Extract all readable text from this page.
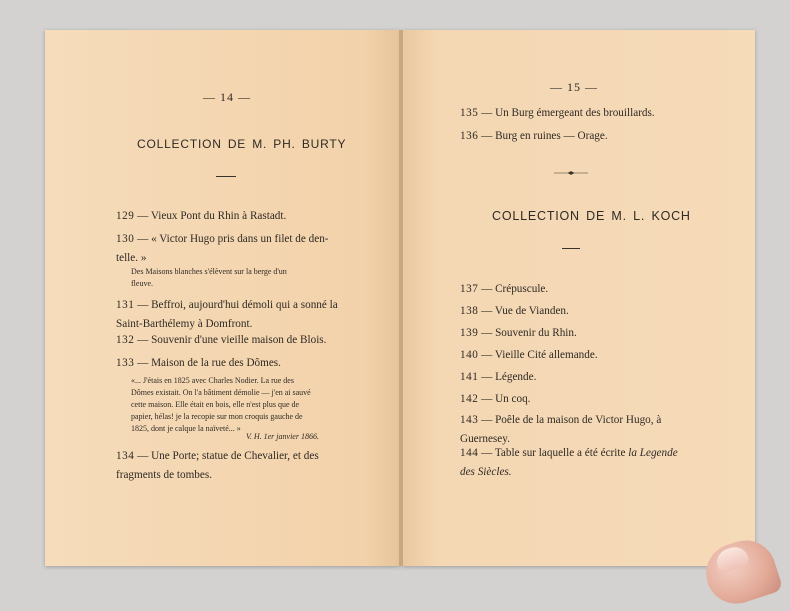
— 14 —
COLLECTION DE M. PH. BURTY
129 — Vieux Pont du Rhin à Rastadt.
130 — « Victor Hugo pris dans un filet de den-
telle. »
Des Maisons blanches s'élèvent sur la berge d'un
fleuve.
131 — Beffroi, aujourd'hui démoli qui a sonné la
Saint-Barthélemy à Domfront.
132 — Souvenir d'une vieille maison de Blois.
133 — Maison de la rue des Dômes.
«... J'étais en 1825 avec Charles Nodier. La rue des
Dômes existait. On l'a bâtiment démolie — j'en ai sauvé
cette maison. Elle était en bois, elle n'est plus que de
papier, hélas! je la recopie sur mon croquis gauche de
1825, dont je calque la naïveté... »
V. H. 1er janvier 1866.
134 — Une Porte; statue de Chevalier, et des
fragments de tombes.
— 15 —
135 — Un Burg émergeant des brouillards.
136 — Burg en ruines — Orage.
COLLECTION DE M. L. KOCH
137 — Crépuscule.
138 — Vue de Vianden.
139 — Souvenir du Rhin.
140 — Vieille Cité allemande.
141 — Légende.
142 — Un coq.
143 — Poêle de la maison de Victor Hugo, à
Guernesey.
144 — Table sur laquelle a été écrite la Legende
des Siècles.
